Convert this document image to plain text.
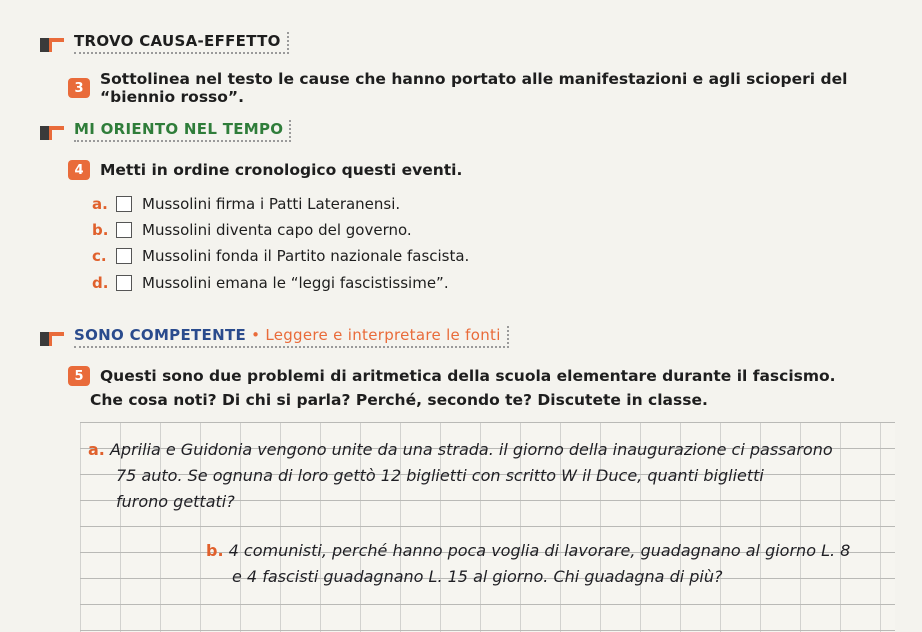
TROVO CAUSA-EFFETTO
3	Sottolinea nel testo le cause che hanno portato alle manifestazioni e agli scioperi del “biennio rosso”.
MI ORIENTO NEL TEMPO
4	Metti in ordine cronologico questi eventi.
a.	Mussolini firma i Patti Lateranensi.
b.	Mussolini diventa capo del governo.
c.	Mussolini fonda il Partito nazionale fascista.
d.	Mussolini emana le “leggi fascistissime”.
SONO COMPETENTE • Leggere e interpretare le fonti
5	Questi sono due problemi di aritmetica della scuola elementare durante il fascismo.
Che cosa noti? Di chi si parla? Perché, secondo te? Discutete in classe.
a. Aprilia e Guidonia vengono unite da una strada. il giorno della inaugurazione ci passarono
75 auto. Se ognuna di loro gettò 12 biglietti con scritto W il Duce, quanti biglietti
furono gettati?
b. 4 comunisti, perché hanno poca voglia di lavorare, guadagnano al giorno L. 8
e 4 fascisti guadagnano L. 15 al giorno. Chi guadagna di più?
